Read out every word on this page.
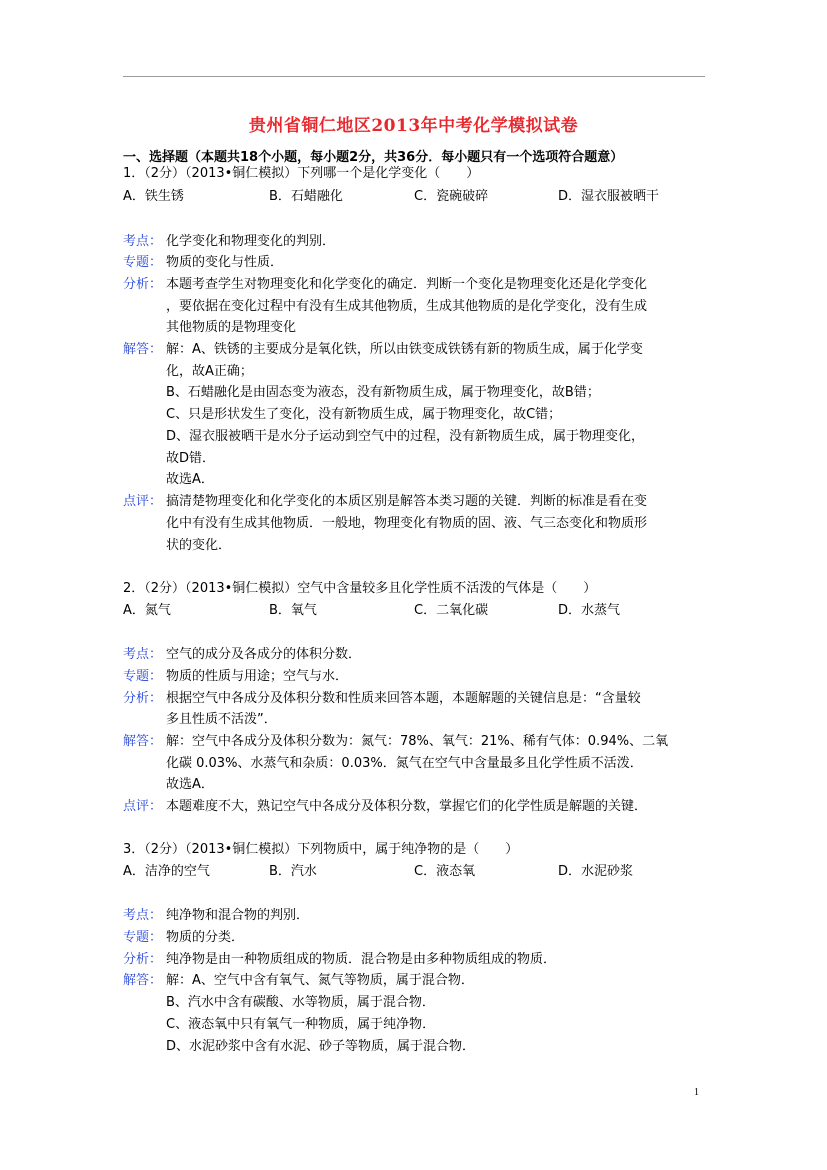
贵州省铜仁地区2013年中考化学模拟试卷
一、选择题（本题共18个小题，每小题2分，共36分．每小题只有一个选项符合题意）
1．（2分）（2013•铜仁模拟）下列哪一个是化学变化（　　）
A．铁生锈	B．石蜡融化	C．瓷碗破碎	D．湿衣服被晒干
考点： 化学变化和物理变化的判别．
专题： 物质的变化与性质．
分析： 本题考查学生对物理变化和化学变化的确定．判断一个变化是物理变化还是化学变化
，要依据在变化过程中有没有生成其他物质，生成其他物质的是化学变化，没有生成
其他物质的是物理变化
解答： 解：A、铁锈的主要成分是氧化铁，所以由铁变成铁锈有新的物质生成，属于化学变
化，故A正确；
B、石蜡融化是由固态变为液态，没有新物质生成，属于物理变化，故B错；
C、只是形状发生了变化，没有新物质生成，属于物理变化，故C错；
D、湿衣服被晒干是水分子运动到空气中的过程，没有新物质生成，属于物理变化，
故D错．
故选A．
点评： 搞清楚物理变化和化学变化的本质区别是解答本类习题的关键．判断的标准是看在变
化中有没有生成其他物质．一般地，物理变化有物质的固、液、气三态变化和物质形
状的变化．
2．（2分）（2013•铜仁模拟）空气中含量较多且化学性质不活泼的气体是（　　）
A．氮气	B．氧气	C．二氧化碳	D．水蒸气
考点： 空气的成分及各成分的体积分数．
专题： 物质的性质与用途；空气与水．
分析： 根据空气中各成分及体积分数和性质来回答本题，本题解题的关键信息是：“含量较
多且性质不活泼”．
解答： 解：空气中各成分及体积分数为：氮气：78%、氧气：21%、稀有气体：0.94%、二氧
化碳 0.03%、水蒸气和杂质：0.03%．氮气在空气中含量最多且化学性质不活泼．
故选A．
点评： 本题难度不大，熟记空气中各成分及体积分数，掌握它们的化学性质是解题的关键．
3．（2分）（2013•铜仁模拟）下列物质中，属于纯净物的是（　　）
A．洁净的空气	B．汽水	C．液态氧	D．水泥砂浆
考点： 纯净物和混合物的判别．
专题： 物质的分类．
分析： 纯净物是由一种物质组成的物质．混合物是由多种物质组成的物质．
解答： 解：A、空气中含有氧气、氮气等物质，属于混合物．
B、汽水中含有碳酸、水等物质，属于混合物．
C、液态氧中只有氧气一种物质，属于纯净物．
D、水泥砂浆中含有水泥、砂子等物质，属于混合物．
1
